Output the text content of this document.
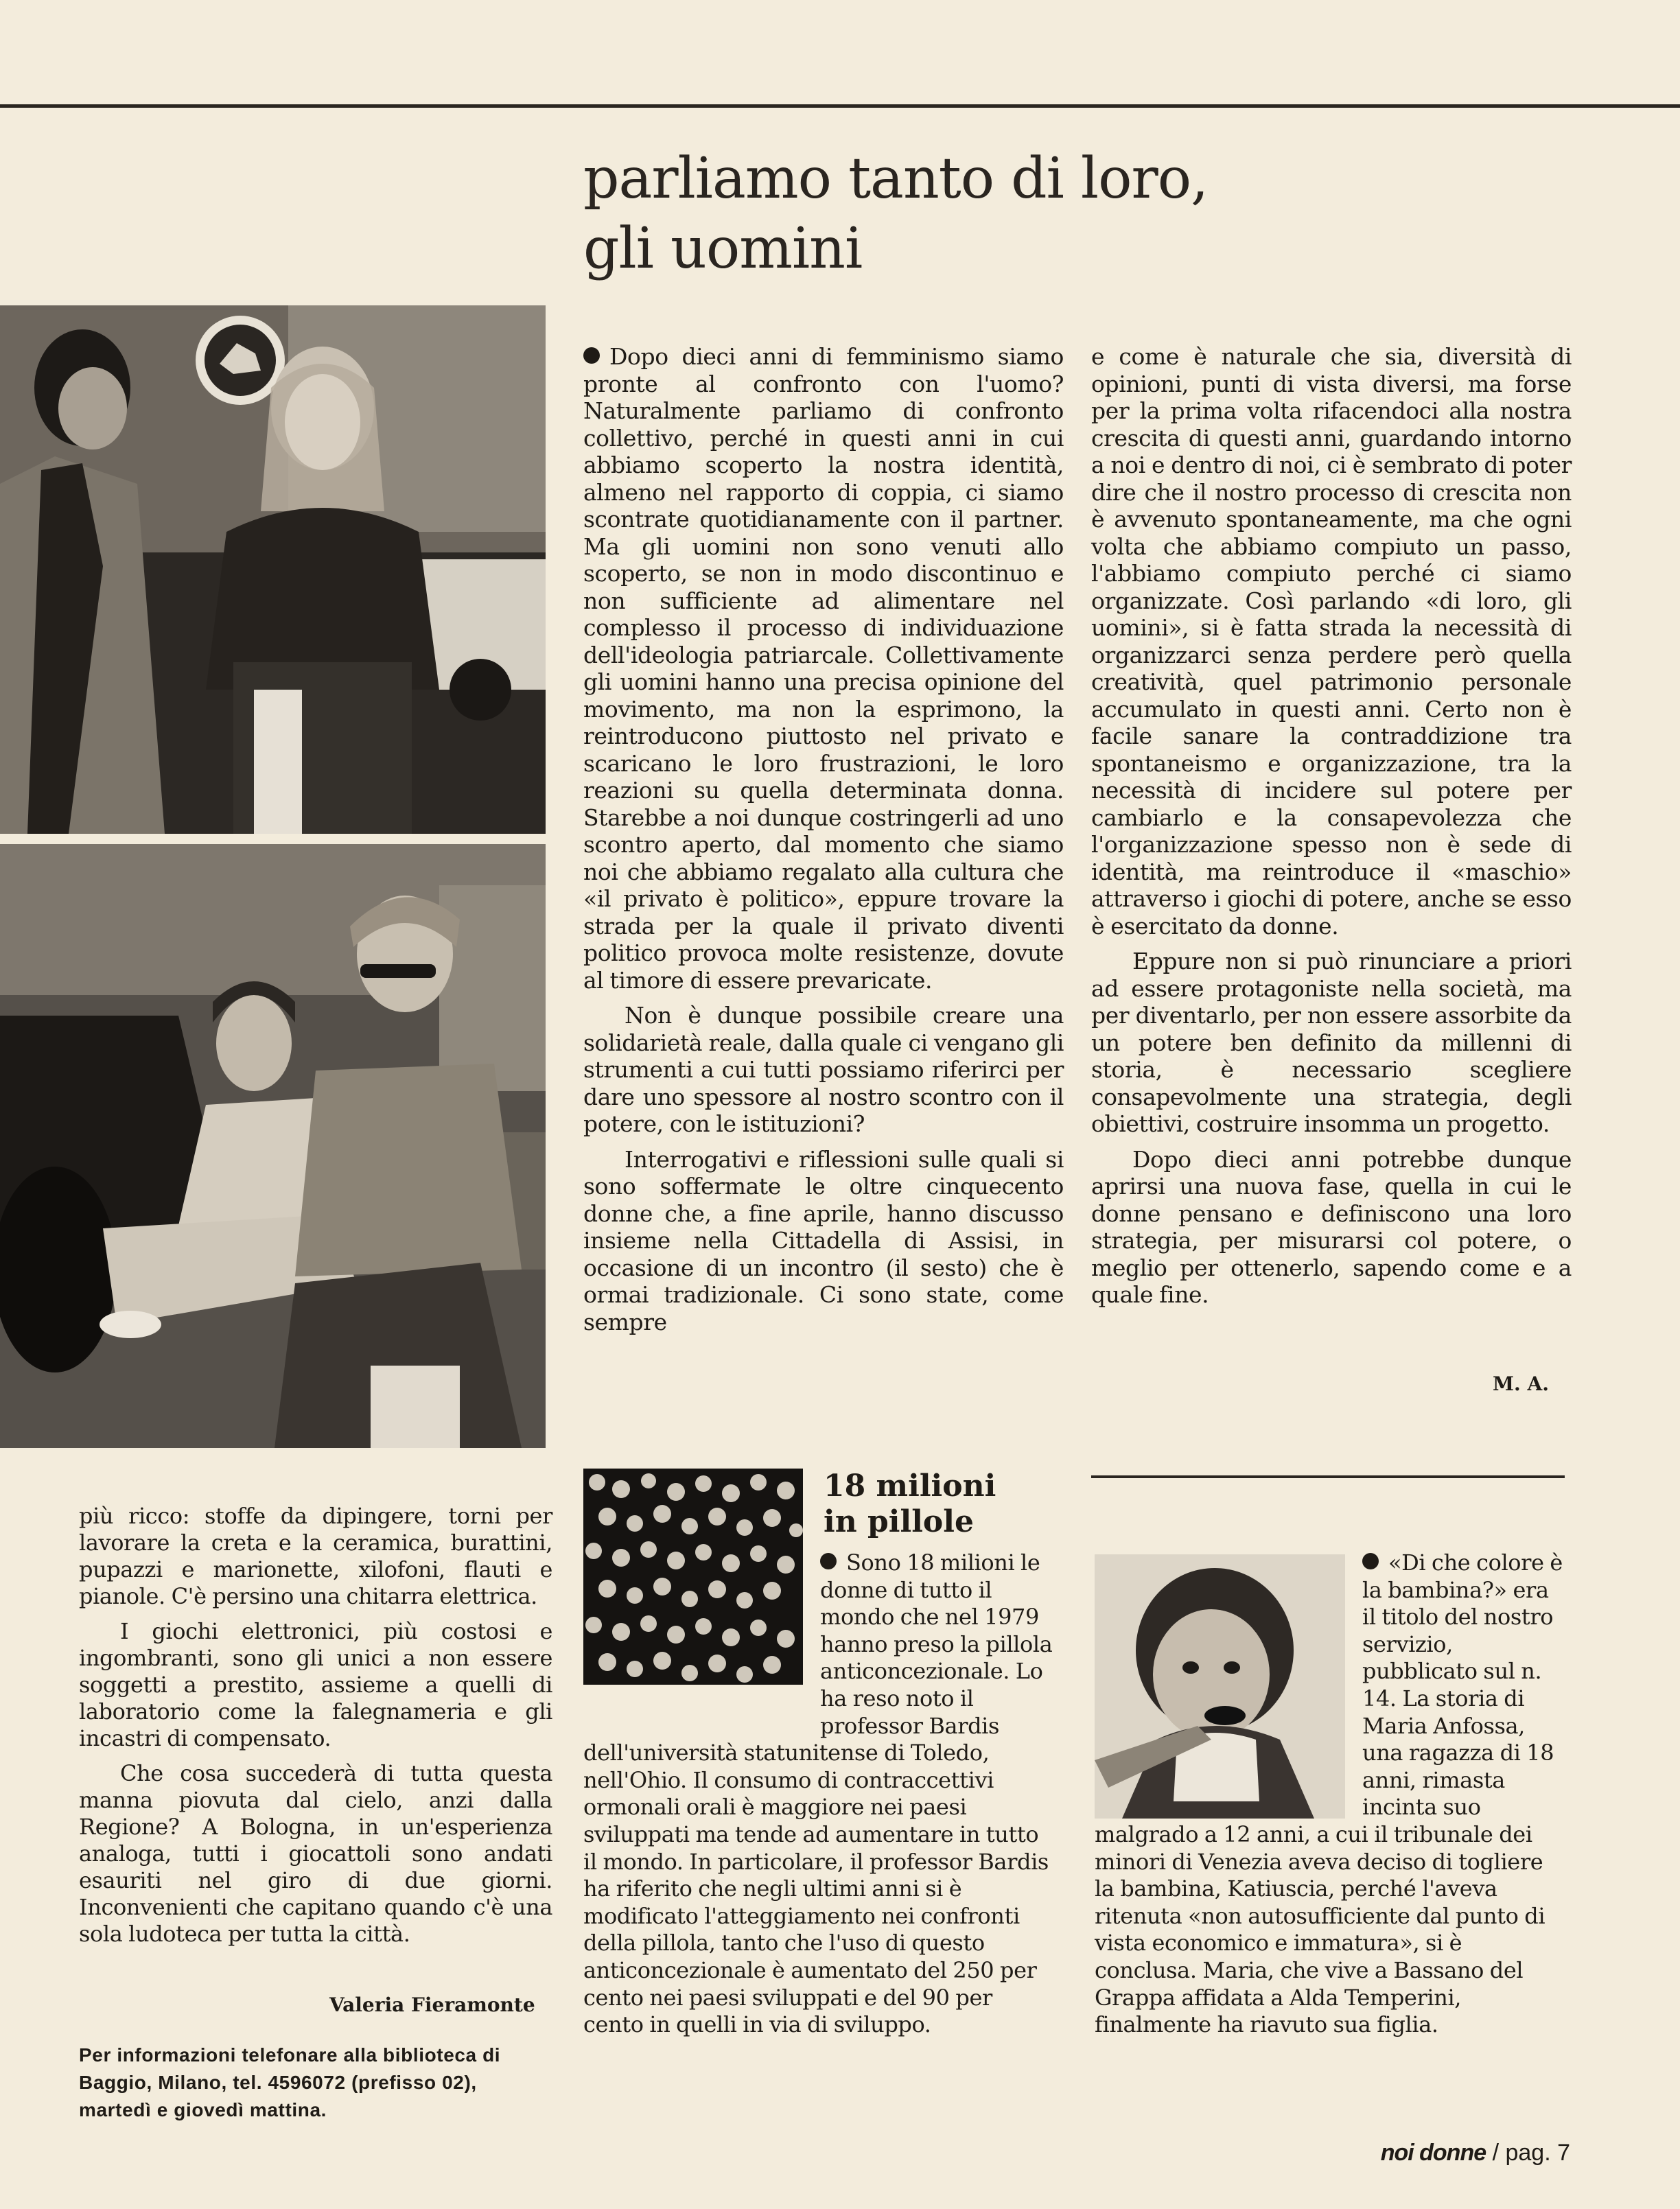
parliamo tanto di loro,
gli uomini

Dopo dieci anni di femminismo siamo pronte al confronto con l'uomo? Naturalmente parliamo di confronto collettivo, perché in questi anni in cui abbiamo scoperto la nostra identità, almeno nel rapporto di coppia, ci siamo scontrate quotidianamente con il partner. Ma gli uomini non sono venuti allo scoperto, se non in modo discontinuo e non sufficiente ad alimentare nel complesso il processo di individuazione dell'ideologia patriarcale. Collettivamente gli uomini hanno una precisa opinione del movimento, ma non la esprimono, la reintroducono piuttosto nel privato e scaricano le loro frustrazioni, le loro reazioni su quella determinata donna. Starebbe a noi dunque costringerli ad uno scontro aperto, dal momento che siamo noi che abbiamo regalato alla cultura che «il privato è politico», eppure trovare la strada per la quale il privato diventi politico provoca molte resistenze, dovute al timore di essere prevaricate.

Non è dunque possibile creare una solidarietà reale, dalla quale ci vengano gli strumenti a cui tutti possiamo riferirci per dare uno spessore al nostro scontro con il potere, con le istituzioni?

Interrogativi e riflessioni sulle quali si sono soffermate le oltre cinquecento donne che, a fine aprile, hanno discusso insieme nella Cittadella di Assisi, in occasione di un incontro (il sesto) che è ormai tradizionale. Ci sono state, come sempre

e come è naturale che sia, diversità di opinioni, punti di vista diversi, ma forse per la prima volta rifacendoci alla nostra crescita di questi anni, guardando intorno a noi e dentro di noi, ci è sembrato di poter dire che il nostro processo di crescita non è avvenuto spontaneamente, ma che ogni volta che abbiamo compiuto un passo, l'abbiamo compiuto perché ci siamo organizzate. Così parlando «di loro, gli uomini», si è fatta strada la necessità di organizzarci senza perdere però quella creatività, quel patrimonio personale accumulato in questi anni. Certo non è facile sanare la contraddizione tra spontaneismo e organizzazione, tra la necessità di incidere sul potere per cambiarlo e la consapevolezza che l'organizzazione spesso non è sede di identità, ma reintroduce il «maschio» attraverso i giochi di potere, anche se esso è esercitato da donne.

Eppure non si può rinunciare a priori ad essere protagoniste nella società, ma per diventarlo, per non essere assorbite da un potere ben definito da millenni di storia, è necessario scegliere consapevolmente una strategia, degli obiettivi, costruire insomma un progetto.

Dopo dieci anni potrebbe dunque aprirsi una nuova fase, quella in cui le donne pensano e definiscono una loro strategia, per misurarsi col potere, o meglio per ottenerlo, sapendo come e a quale fine.

M. A.

più ricco: stoffe da dipingere, torni per lavorare la creta e la ceramica, burattini, pupazzi e marionette, xilofoni, flauti e pianole. C'è persino una chitarra elettrica.

I giochi elettronici, più costosi e ingombranti, sono gli unici a non essere soggetti a prestito, assieme a quelli di laboratorio come la falegnameria e gli incastri di compensato.

Che cosa succederà di tutta questa manna piovuta dal cielo, anzi dalla Regione? A Bologna, in un'esperienza analoga, tutti i giocattoli sono andati esauriti nel giro di due giorni. Inconvenienti che capitano quando c'è una sola ludoteca per tutta la città.

Valeria Fieramonte
Per informazioni telefonare alla biblioteca di Baggio, Milano, tel. 4596072 (prefisso 02), martedì e giovedì mattina.
18 milioni
in pillole
Sono 18 milioni le donne di tutto il mondo che nel 1979 hanno preso la pillola anticoncezionale. Lo ha reso noto il professor Bardis dell'università statunitense di Toledo, nell'Ohio. Il consumo di contraccettivi ormonali orali è maggiore nei paesi sviluppati ma tende ad aumentare in tutto il mondo. In particolare, il professor Bardis ha riferito che negli ultimi anni si è modificato l'atteggiamento nei confronti della pillola, tanto che l'uso di questo anticoncezionale è aumentato del 250 per cento nei paesi sviluppati e del 90 per cento in quelli in via di sviluppo.
«Di che colore è la bambina?» era il titolo del nostro servizio, pubblicato sul n. 14. La storia di Maria Anfossa, una ragazza di 18 anni, rimasta incinta suo malgrado a 12 anni, a cui il tribunale dei minori di Venezia aveva deciso di togliere la bambina, Katiuscia, perché l'aveva ritenuta «non autosufficiente dal punto di vista economico e immatura», si è conclusa. Maria, che vive a Bassano del Grappa affidata a Alda Temperini, finalmente ha riavuto sua figlia.
noi donne / pag. 7
